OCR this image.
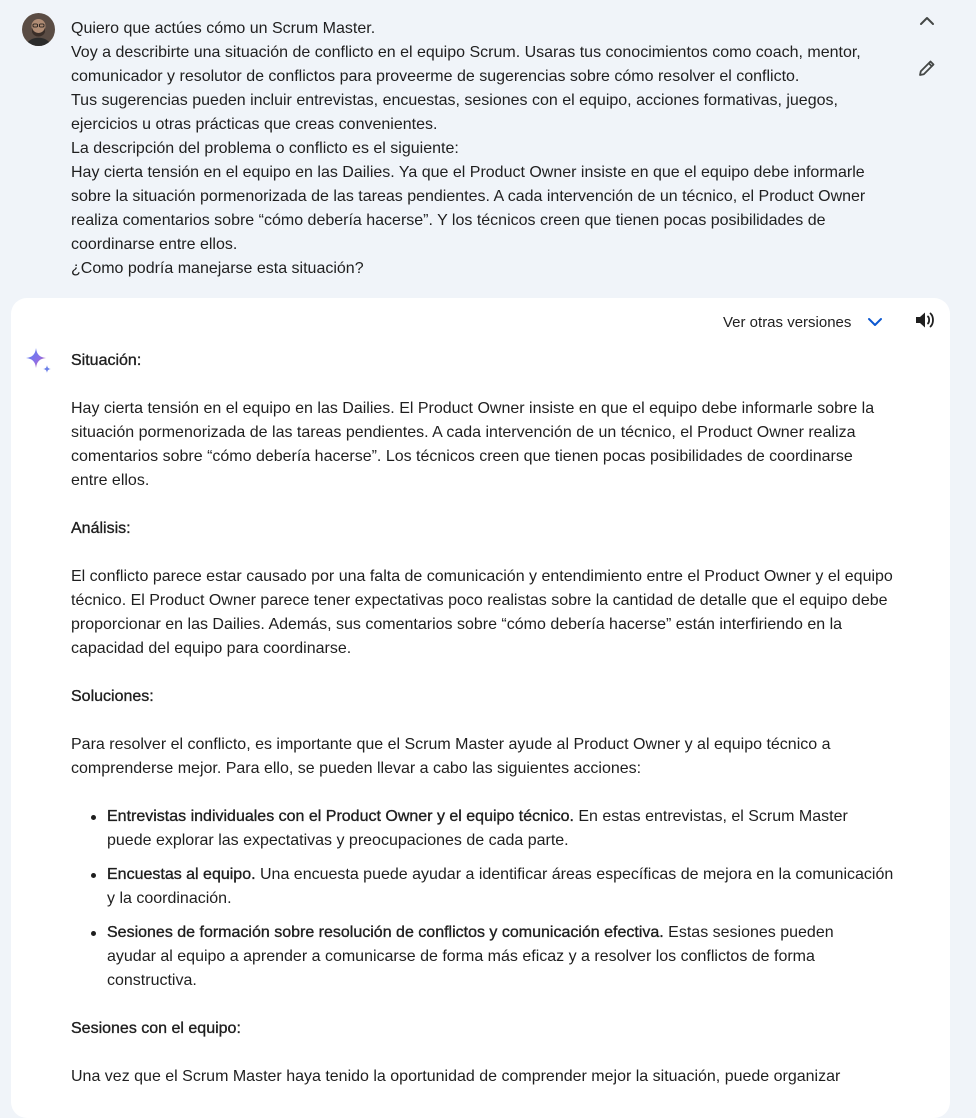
Quiero que actúes cómo un Scrum Master.
Voy a describirte una situación de conflicto en el equipo Scrum. Usaras tus conocimientos como coach, mentor,
comunicador y resolutor de conflictos para proveerme de sugerencias sobre cómo resolver el conflicto.
Tus sugerencias pueden incluir entrevistas, encuestas, sesiones con el equipo, acciones formativas, juegos,
ejercicios u otras prácticas que creas convenientes.
La descripción del problema o conflicto es el siguiente:
Hay cierta tensión en el equipo en las Dailies. Ya que el Product Owner insiste en que el equipo debe informarle
sobre la situación pormenorizada de las tareas pendientes. A cada intervención de un técnico, el Product Owner
realiza comentarios sobre “cómo debería hacerse”. Y los técnicos creen que tienen pocas posibilidades de
coordinarse entre ellos.
¿Como podría manejarse esta situación?
Ver otras versiones
Situación:

Hay cierta tensión en el equipo en las Dailies. El Product Owner insiste en que el equipo debe informarle sobre la
situación pormenorizada de las tareas pendientes. A cada intervención de un técnico, el Product Owner realiza
comentarios sobre “cómo debería hacerse”. Los técnicos creen que tienen pocas posibilidades de coordinarse
entre ellos.

Análisis:

El conflicto parece estar causado por una falta de comunicación y entendimiento entre el Product Owner y el equipo
técnico. El Product Owner parece tener expectativas poco realistas sobre la cantidad de detalle que el equipo debe
proporcionar en las Dailies. Además, sus comentarios sobre “cómo debería hacerse” están interfiriendo en la
capacidad del equipo para coordinarse.

Soluciones:

Para resolver el conflicto, es importante que el Scrum Master ayude al Product Owner y al equipo técnico a
comprenderse mejor. Para ello, se pueden llevar a cabo las siguientes acciones:

Entrevistas individuales con el Product Owner y el equipo técnico. En estas entrevistas, el Scrum Master
puede explorar las expectativas y preocupaciones de cada parte.
Encuestas al equipo. Una encuesta puede ayudar a identificar áreas específicas de mejora en la comunicación
y la coordinación.
Sesiones de formación sobre resolución de conflictos y comunicación efectiva. Estas sesiones pueden
ayudar al equipo a aprender a comunicarse de forma más eficaz y a resolver los conflictos de forma
constructiva.
Sesiones con el equipo:

Una vez que el Scrum Master haya tenido la oportunidad de comprender mejor la situación, puede organizar
